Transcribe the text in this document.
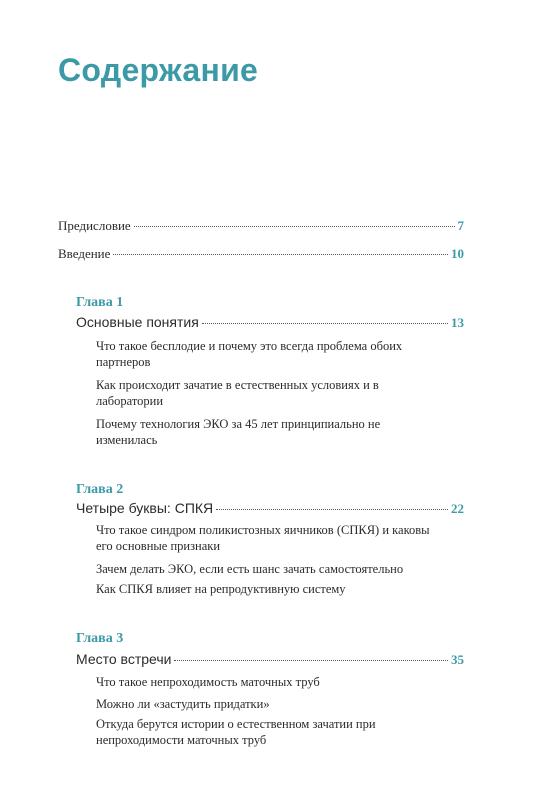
Содержание
Предисловие	7
Введение	10

Глава 1

Основные понятия	13

Что такое бесплодие и почему это всегда проблема обоих партнеров

Как происходит зачатие в естественных условиях и в лаборатории

Почему технология ЭКО за 45 лет принципиально не изменилась

Глава 2

Четыре буквы: СПКЯ	22

Что такое синдром поликистозных яичников (СПКЯ) и каковы его основные признаки

Зачем делать ЭКО, если есть шанс зачать самостоятельно

Как СПКЯ влияет на репродуктивную систему

Глава 3

Место встречи	35

Что такое непроходимость маточных труб

Можно ли «застудить придатки»

Откуда берутся истории о естественном зачатии при непроходимости маточных труб
